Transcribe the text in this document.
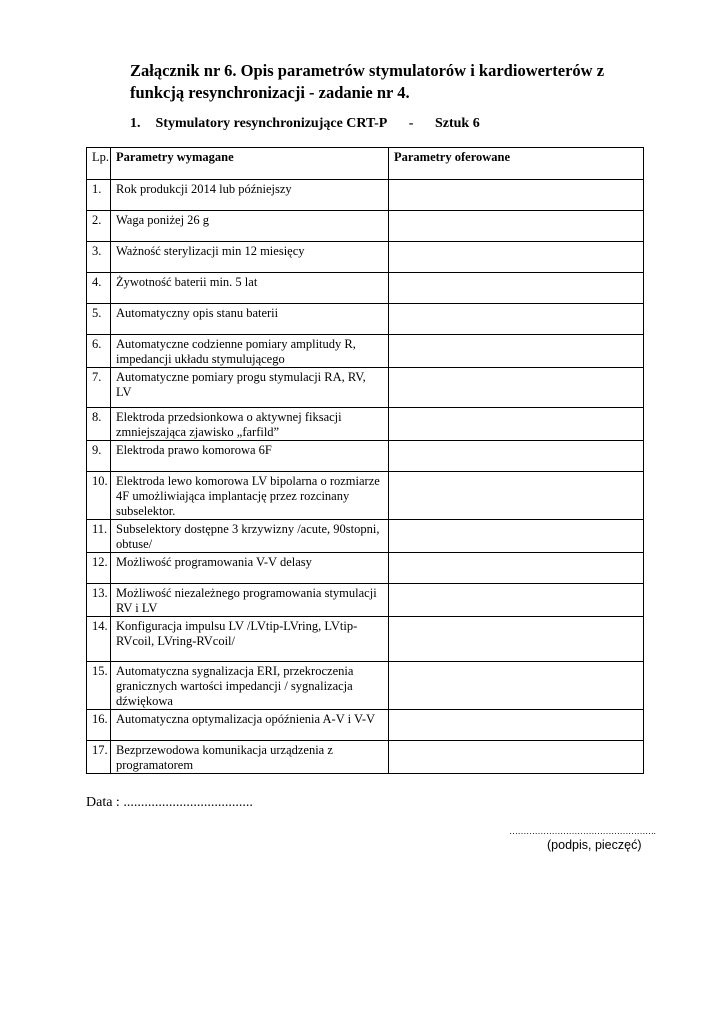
Załącznik nr 6. Opis parametrów stymulatorów i kardiowerterów z funkcją resynchronizacji - zadanie nr 4.
1. Stymulatory resynchronizujące CRT-P - Sztuk 6
Lp.	Parametry wymagane	Parametry oferowane
1.	Rok produkcji 2014 lub późniejszy	
2.	Waga poniżej 26 g	
3.	Ważność sterylizacji min 12 miesięcy	
4.	Żywotność baterii min. 5 lat	
5.	Automatyczny opis stanu baterii	
6.	Automatyczne codzienne pomiary amplitudy R, impedancji układu stymulującego	
7.	Automatyczne pomiary progu stymulacji RA, RV, LV	
8.	Elektroda przedsionkowa o aktywnej fiksacji zmniejszająca zjawisko „farfild”	
9.	Elektroda prawo komorowa 6F	
10.	Elektroda lewo komorowa LV bipolarna o rozmiarze 4F umożliwiająca implantację przez rozcinany subselektor.	
11.	Subselektory dostępne 3 krzywizny /acute, 90stopni, obtuse/	
12.	Możliwość programowania V-V delasy	
13.	Możliwość niezależnego programowania stymulacji RV i LV	
14.	Konfiguracja impulsu LV /LVtip-LVring, LVtip-RVcoil, LVring-RVcoil/	
15.	Automatyczna sygnalizacja ERI, przekroczenia granicznych wartości impedancji / sygnalizacja dźwiękowa	
16.	Automatyczna optymalizacja opóźnienia A-V i V-V	
17.	Bezprzewodowa komunikacja urządzenia z programatorem	
Data : .....................................
…………………………………………….
(podpis, pieczęć)
